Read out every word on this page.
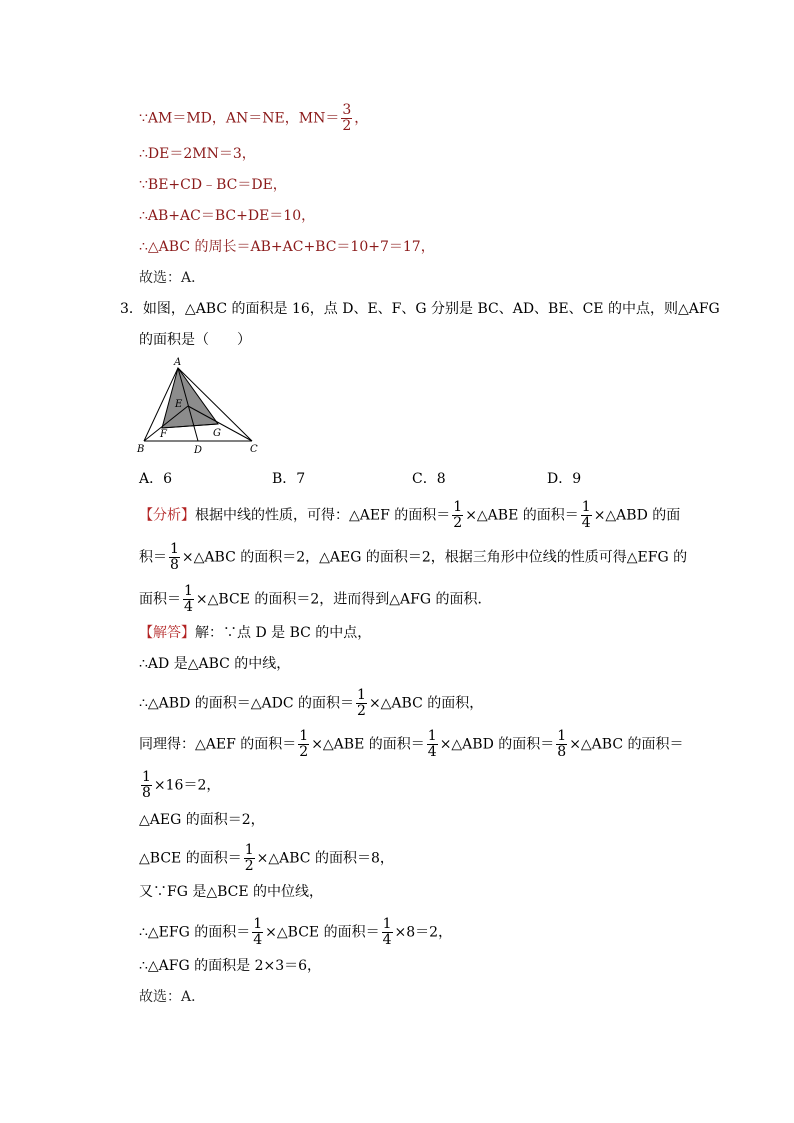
∵AM＝MD，AN＝NE，$MN= \frac{3}{2}$ ，
∴DE＝2MN＝3，
∵BE+CD﹣BC＝DE，
∴AB+AC＝BC+DE＝10，
∴△ABC 的周长＝AB+AC+BC＝10+7＝17，
故选：A．
3．如图，△ABC 的面积是 16，点 D、E、F、G 分别是 BC、AD、BE、CE 的中点，则△AFG
的面积是（　　）
A
B	C
D
E
F	G
A．6	B．7	C．8	D．9
【分析】根据中线的性质，可得：△AEF 的面积＝ $\frac{1}{2}$ ×△ABE 的面积＝ $\frac{1}{4}$ ×△ABD 的面
积＝ $\frac{1}{8}$ ×△ABC 的面积＝2，△AEG 的面积＝2，根据三角形中位线的性质可得△EFG 的
面积＝ $\frac{1}{4}$ ×△BCE 的面积＝2，进而得到△AFG 的面积．
【解答】解：∵点 D 是 BC 的中点，
∴AD 是△ABC 的中线，
∴△ABD 的面积＝△ADC 的面积＝ $\frac{1}{2}$ ×△ABC 的面积，
同理得：△AEF 的面积＝ $\frac{1}{2}$ ×△ABE 的面积＝ $\frac{1}{4}$ ×△ABD 的面积＝ $\frac{1}{8}$ ×△ABC 的面积＝
$\frac{1}{8} \times 16=2$，
△AEG 的面积＝2，
△BCE 的面积＝ $\frac{1}{2}$ ×△ABC 的面积＝8，
又∵FG 是△BCE 的中位线，
∴△EFG 的面积＝ $\frac{1}{4}$ ×△BCE 的面积＝ $\frac{1}{4} \times 8=2$，
∴△AFG 的面积是 2×3＝6，
故选：A．
